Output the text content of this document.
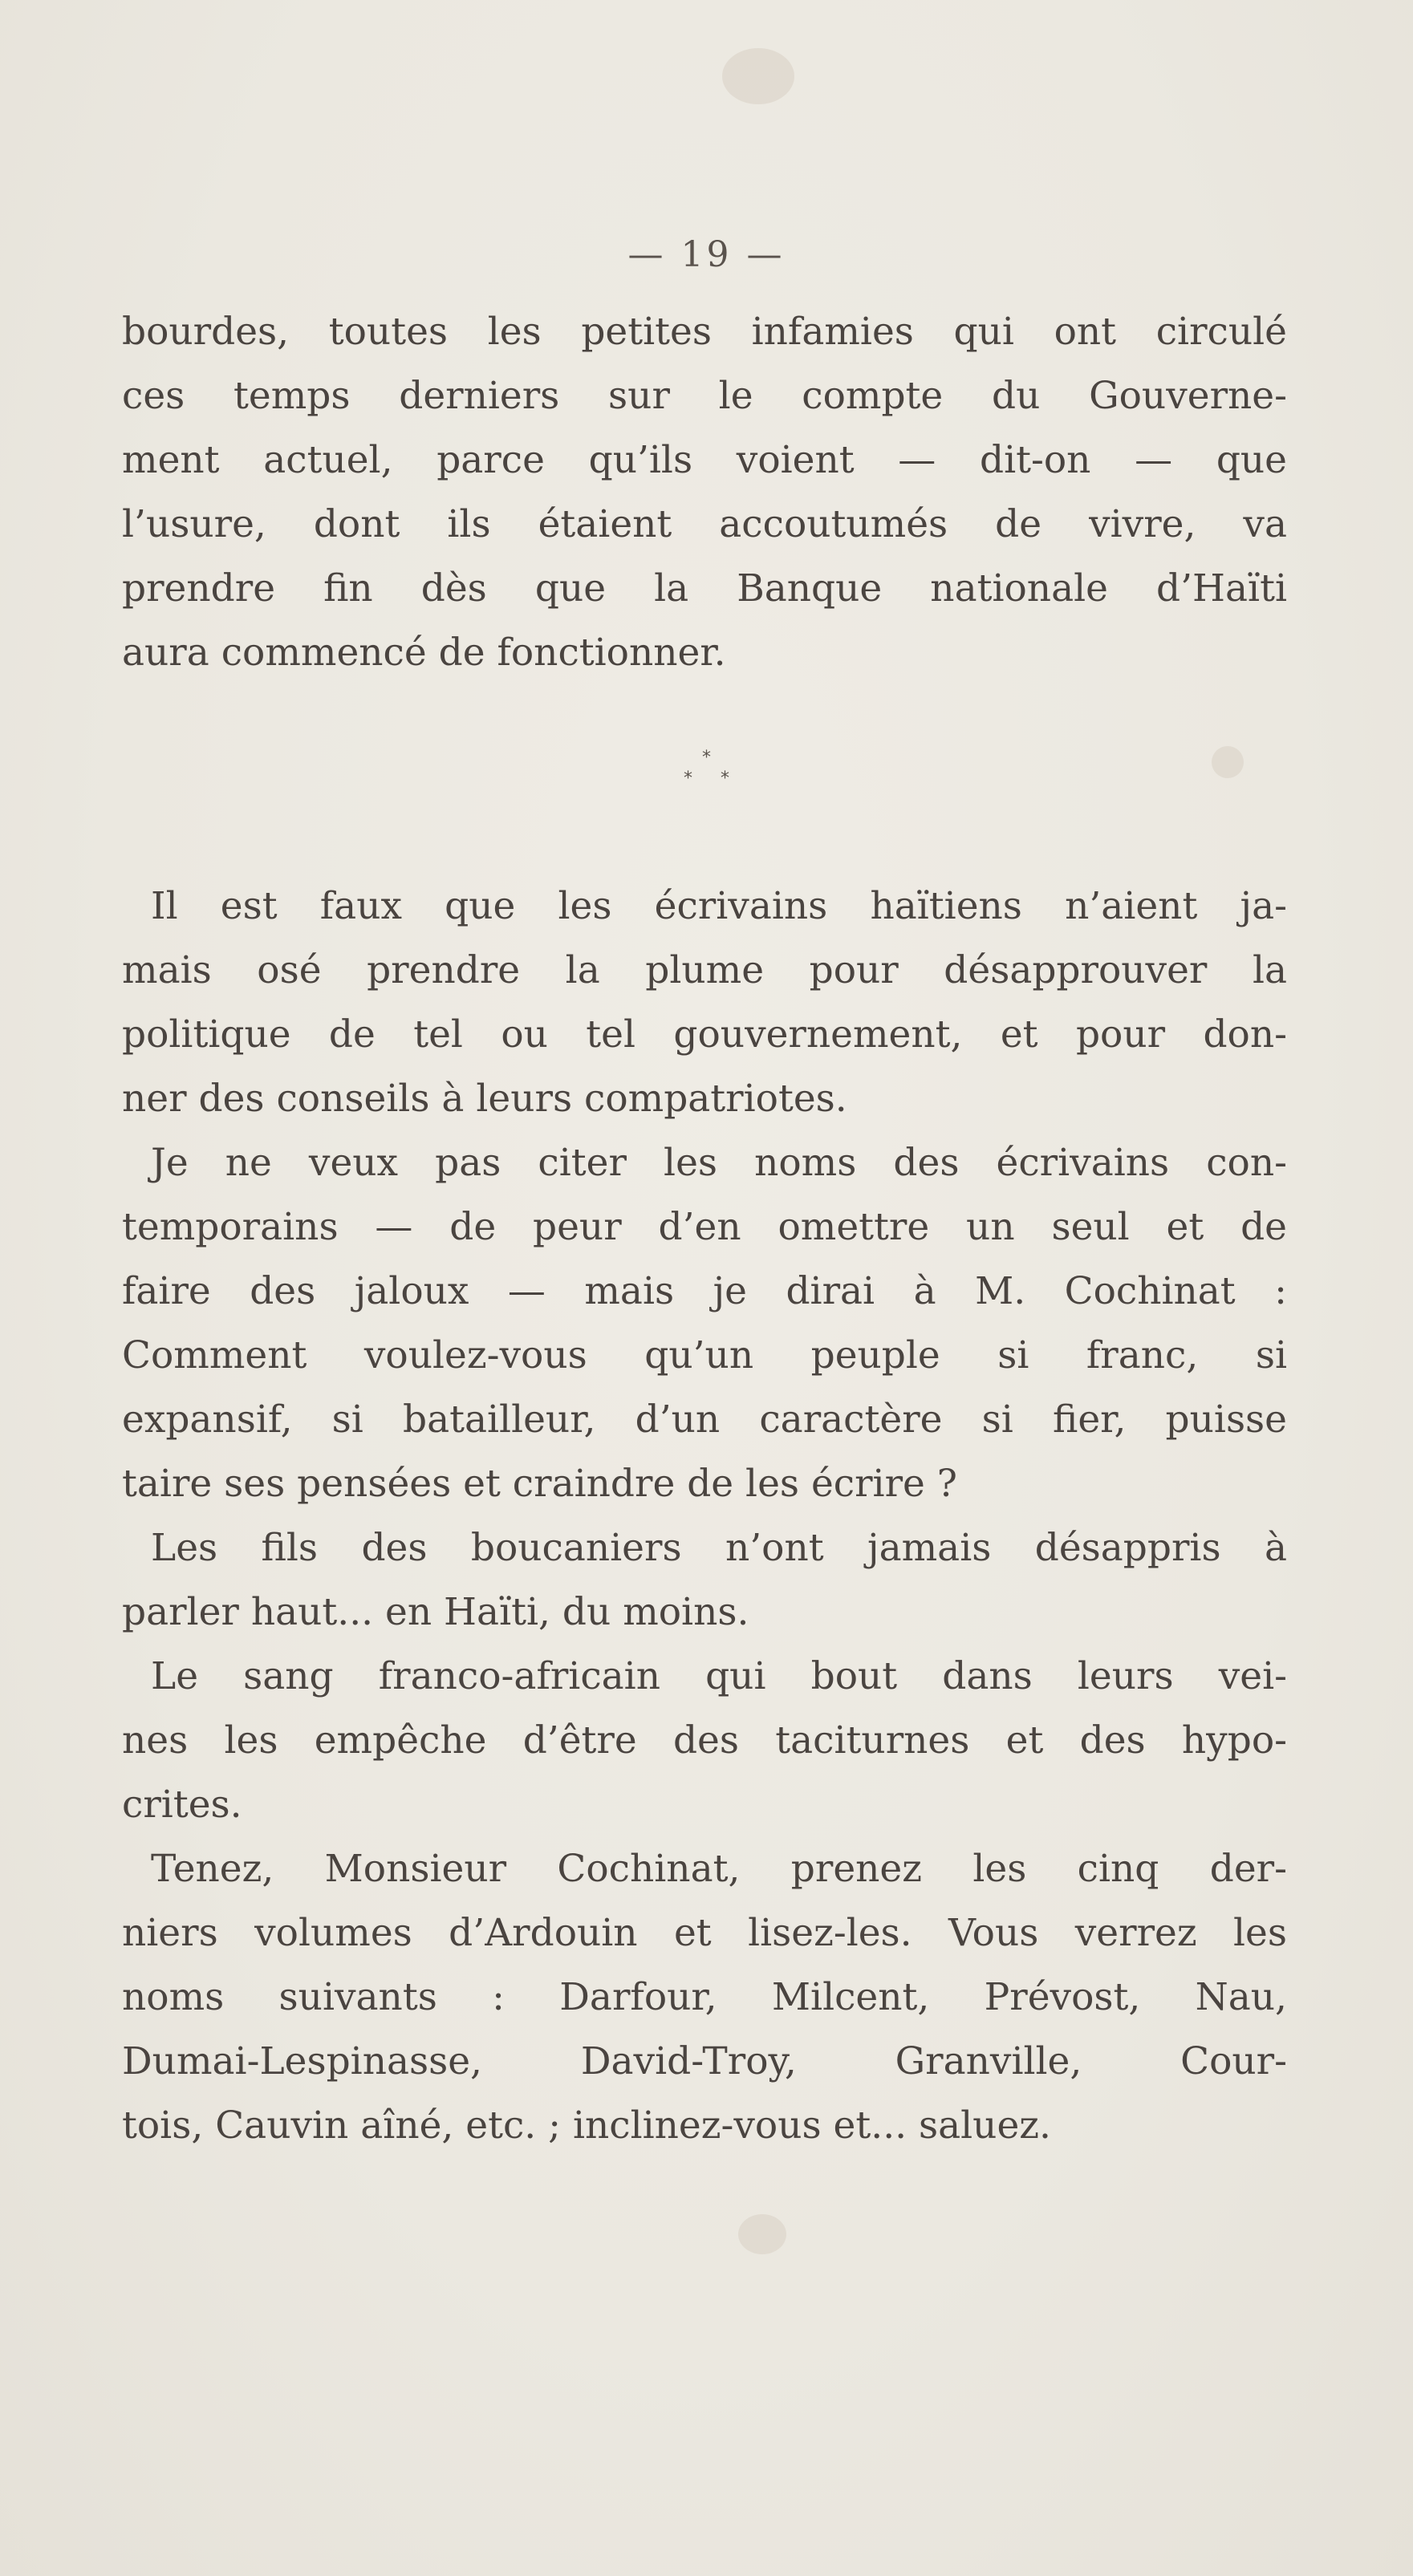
— 19 —
bourdes, toutes les petites infamies qui ont circulé
ces temps derniers sur le compte du Gouverne-
ment actuel, parce qu’ils voient — dit-on — que
l’usure, dont ils étaient accoutumés de vivre, va
prendre fin dès que la Banque nationale d’Haïti
aura commencé de fonctionner.
*
* *
Il est faux que les écrivains haïtiens n’aient ja-
mais osé prendre la plume pour désapprouver la
politique de tel ou tel gouvernement, et pour don-
ner des conseils à leurs compatriotes.
Je ne veux pas citer les noms des écrivains con-
temporains — de peur d’en omettre un seul et de
faire des jaloux — mais je dirai à M. Cochinat :
Comment voulez-vous qu’un peuple si franc, si
expansif, si batailleur, d’un caractère si fier, puisse
taire ses pensées et craindre de les écrire ?
Les fils des boucaniers n’ont jamais désappris à
parler haut... en Haïti, du moins.
Le sang franco-africain qui bout dans leurs vei-
nes les empêche d’être des taciturnes et des hypo-
crites.
Tenez, Monsieur Cochinat, prenez les cinq der-
niers volumes d’Ardouin et lisez-les. Vous verrez les
noms suivants : Darfour, Milcent, Prévost, Nau,
Dumai-Lespinasse, David-Troy, Granville, Cour-
tois, Cauvin aîné, etc. ; inclinez-vous et... saluez.
